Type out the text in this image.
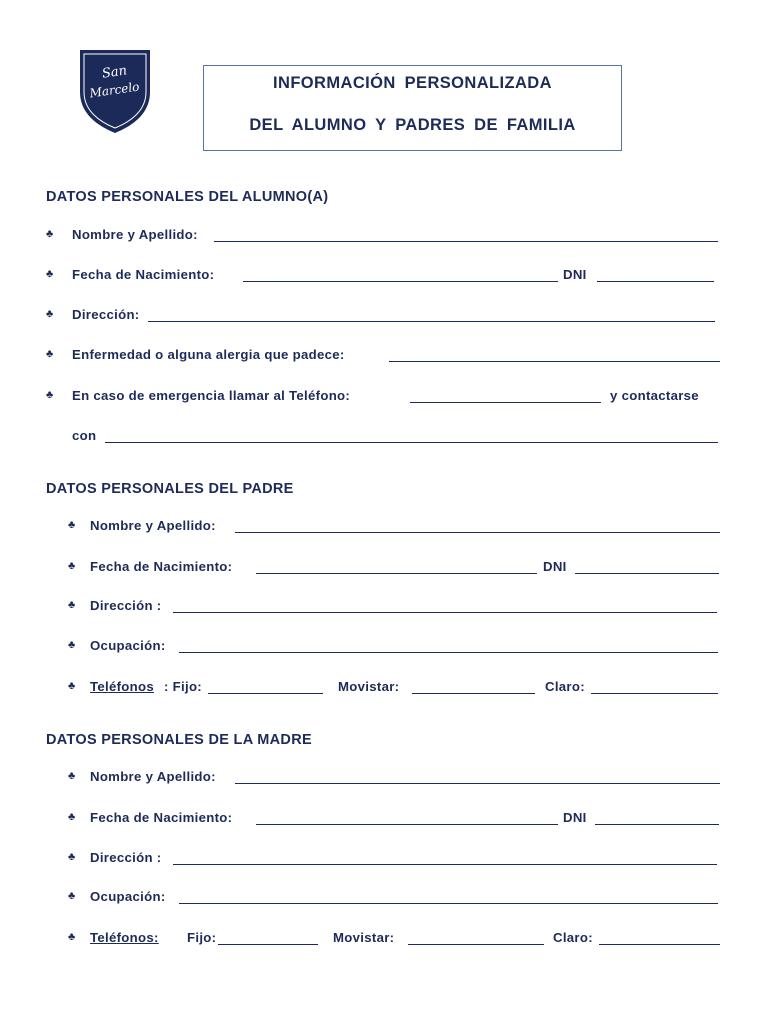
San
Marcelo	INFORMACIÓN PERSONALIZADA
DEL ALUMNO Y PADRES DE FAMILIA
DATOS PERSONALES DEL ALUMNO(A)
♣ Nombre y Apellido:
♣ Fecha de Nacimiento:	DNI
♣ Dirección:
♣ Enfermedad o alguna alergia que padece:
♣ En caso de emergencia llamar al Teléfono:	y contactarse
con
DATOS PERSONALES DEL PADRE
♣ Nombre y Apellido:
♣ Fecha de Nacimiento:	DNI
♣ Dirección :
♣ Ocupación:
♣ Teléfonos : Fijo:	Movistar:	Claro:
DATOS PERSONALES DE LA MADRE
♣ Nombre y Apellido:
♣ Fecha de Nacimiento:	DNI
♣ Dirección :
♣ Ocupación:
♣ Teléfonos: Fijo:	Movistar:	Claro:
